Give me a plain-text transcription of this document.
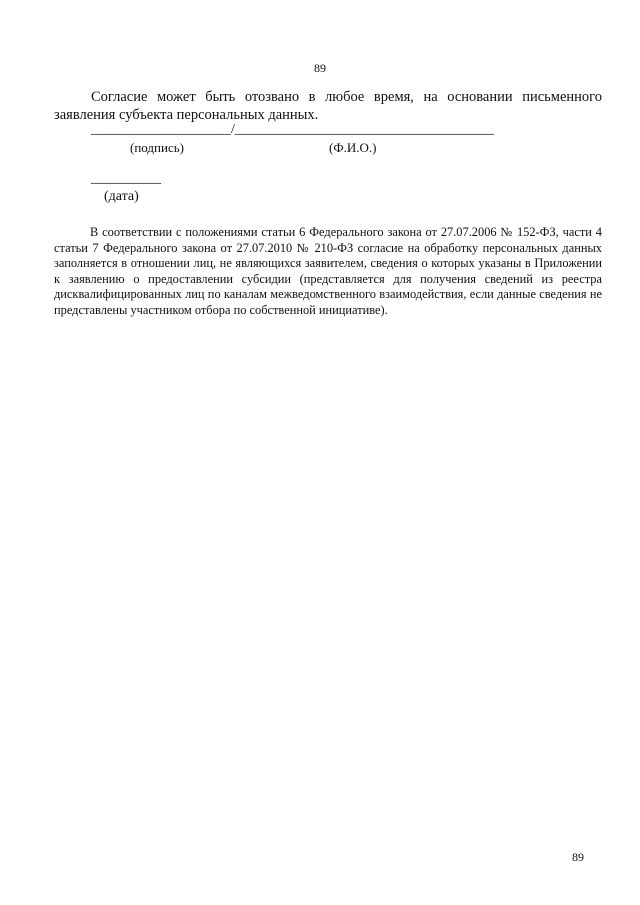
89

Согласие может быть отозвано в любое время, на основании письменного заявления субъекта персональных данных.

____________________/_____________________________________
(подпись)	(Ф.И.О.)
__________
(дата)

В соответствии с положениями статьи 6 Федерального закона от 27.07.2006 № 152-ФЗ, части 4 статьи 7 Федерального закона от 27.07.2010 № 210-ФЗ согласие на обработку персональных данных заполняется в отношении лиц, не являющихся заявителем, сведения о которых указаны в Приложении к заявлению о предоставлении субсидии (представляется для получения сведений из реестра дисквалифицированных лиц по каналам межведомственного взаимодействия, если данные сведения не представлены участником отбора по собственной инициативе).

89
